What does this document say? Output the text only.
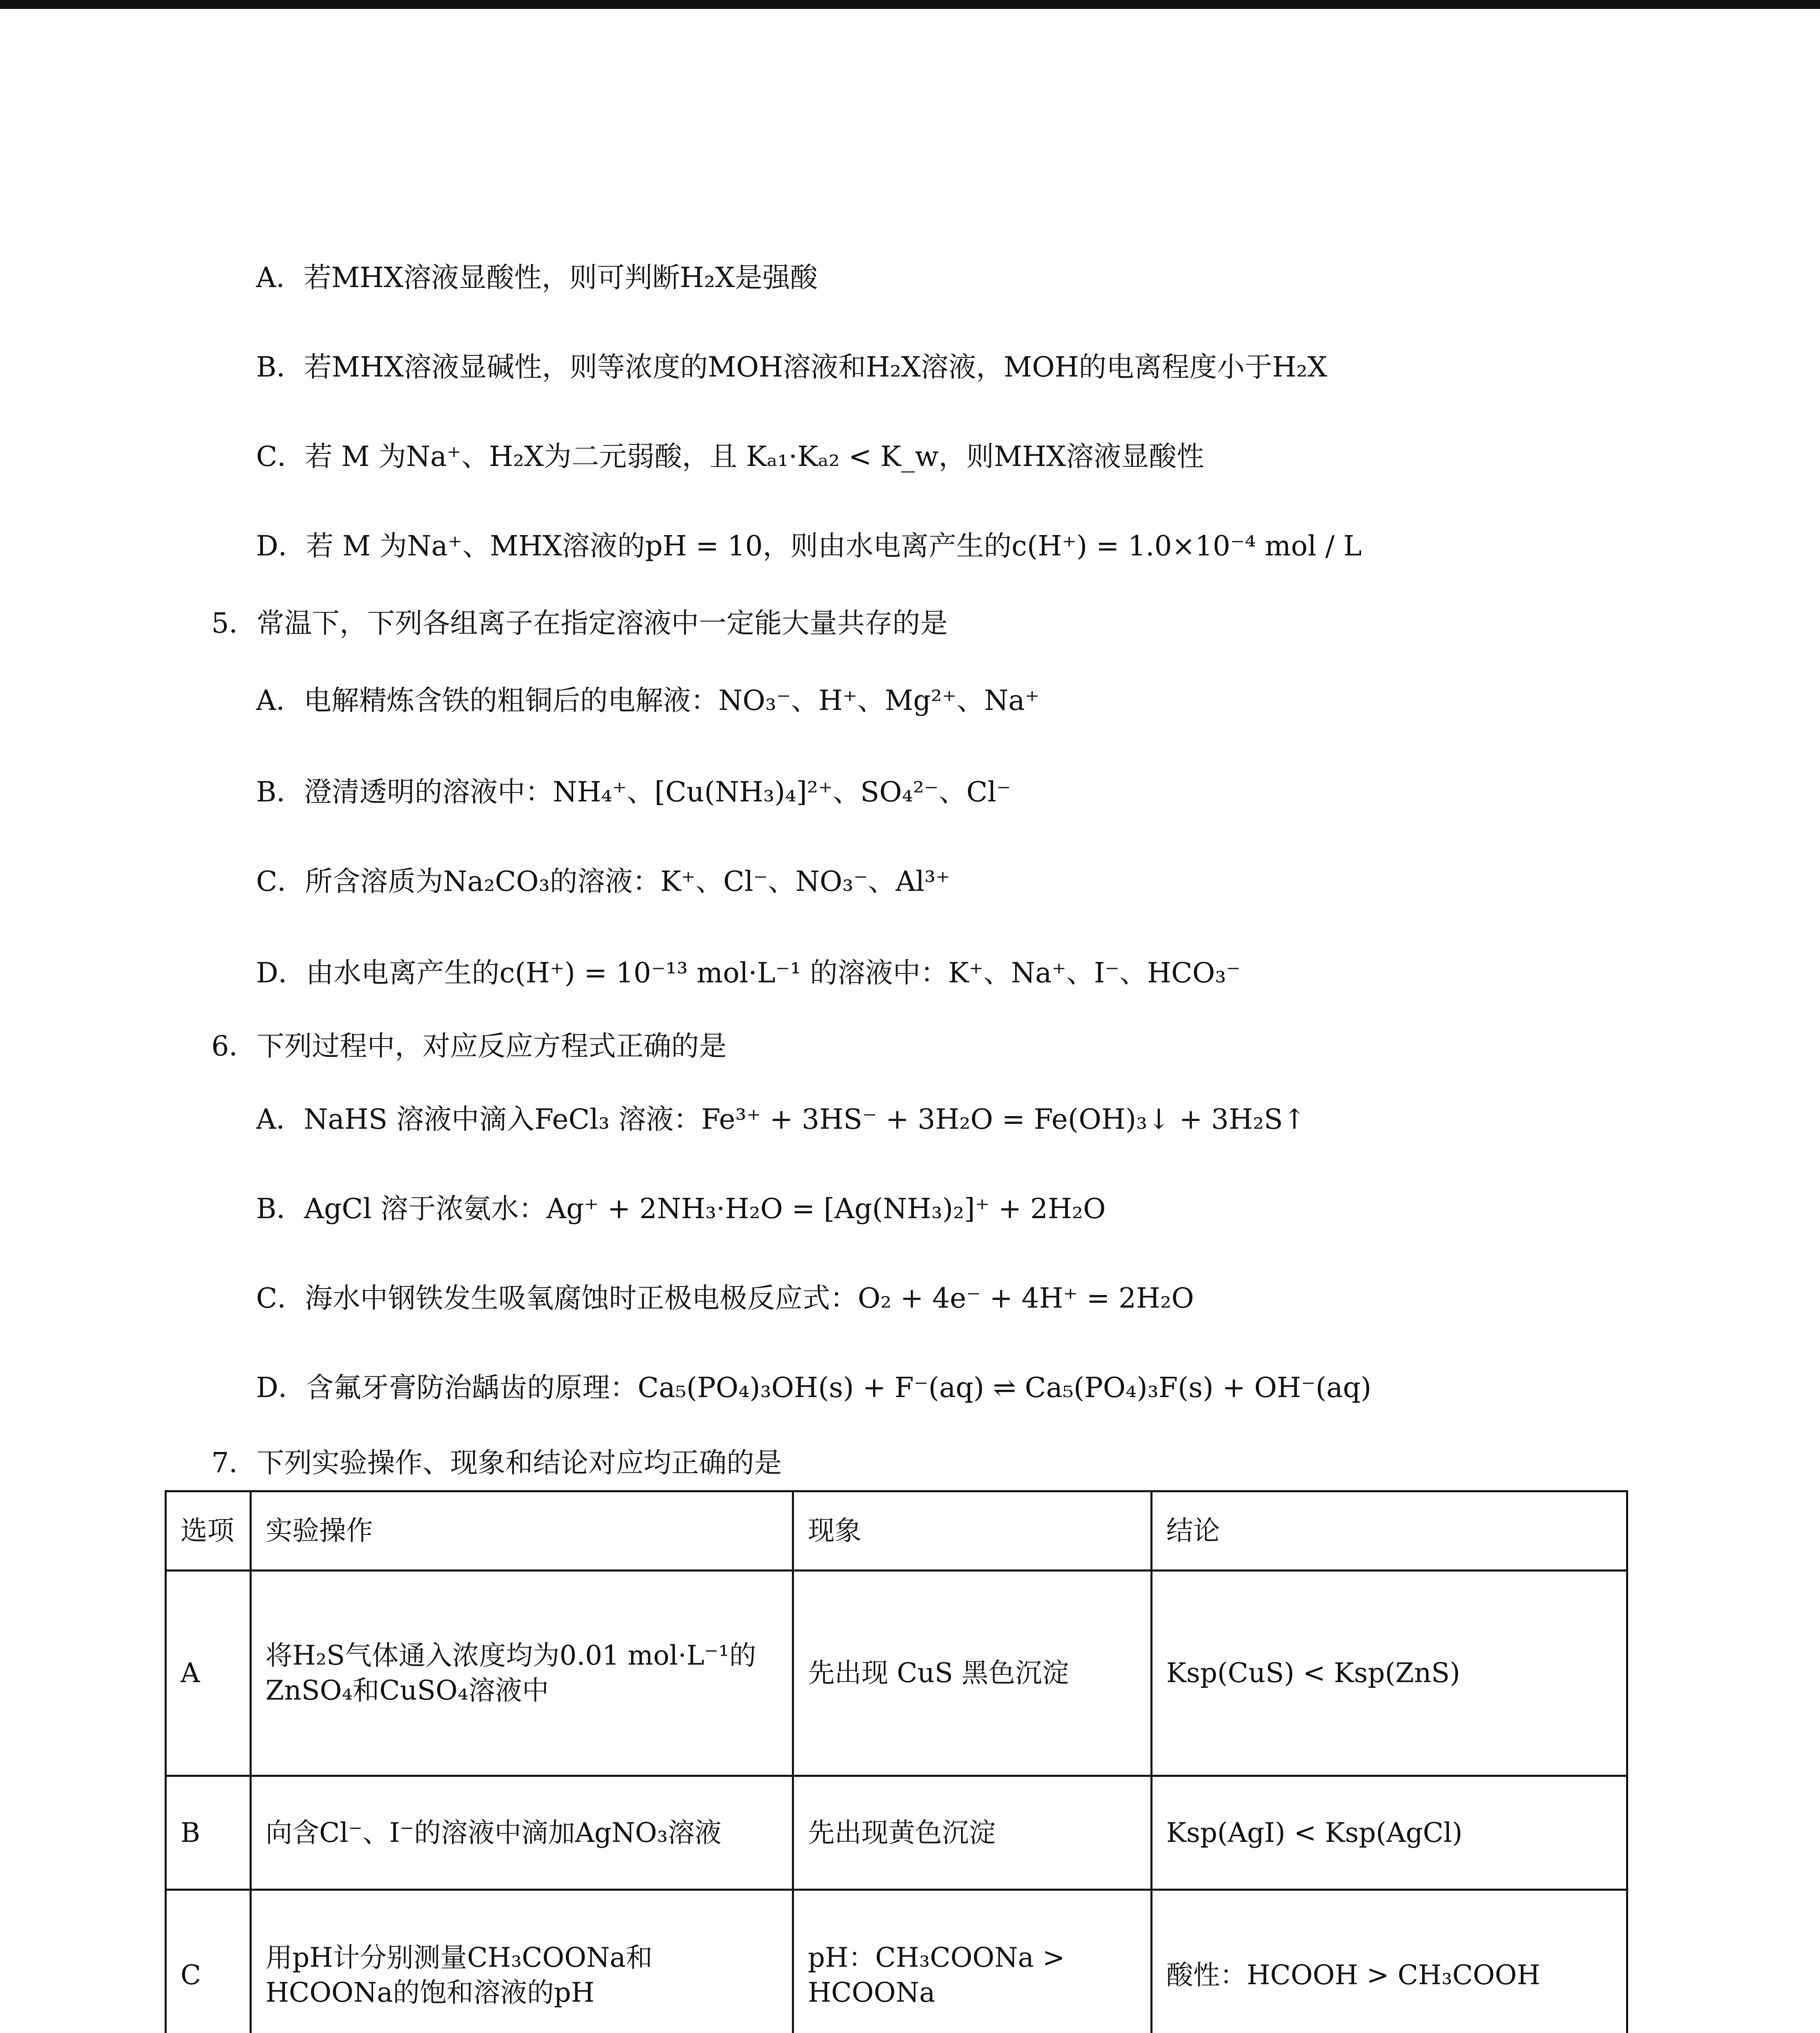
A．若MHX溶液显酸性，则可判断H₂X是强酸
B．若MHX溶液显碱性，则等浓度的MOH溶液和H₂X溶液，MOH的电离程度小于H₂X
C．若 M 为Na⁺、H₂X为二元弱酸，且 Kₐ₁·Kₐ₂ < K_w，则MHX溶液显酸性
D．若 M 为Na⁺、MHX溶液的pH = 10，则由水电离产生的c(H⁺) = 1.0×10⁻⁴ mol / L
5．常温下，下列各组离子在指定溶液中一定能大量共存的是
A．电解精炼含铁的粗铜后的电解液：NO₃⁻、H⁺、Mg²⁺、Na⁺
B．澄清透明的溶液中：NH₄⁺、[Cu(NH₃)₄]²⁺、SO₄²⁻、Cl⁻
C．所含溶质为Na₂CO₃的溶液：K⁺、Cl⁻、NO₃⁻、Al³⁺
D．由水电离产生的c(H⁺) = 10⁻¹³ mol·L⁻¹ 的溶液中：K⁺、Na⁺、I⁻、HCO₃⁻
6．下列过程中，对应反应方程式正确的是
A．NaHS 溶液中滴入FeCl₃ 溶液：Fe³⁺ + 3HS⁻ + 3H₂O = Fe(OH)₃↓ + 3H₂S↑
B．AgCl 溶于浓氨水：Ag⁺ + 2NH₃·H₂O = [Ag(NH₃)₂]⁺ + 2H₂O
C．海水中钢铁发生吸氧腐蚀时正极电极反应式：O₂ + 4e⁻ + 4H⁺ = 2H₂O
D．含氟牙膏防治龋齿的原理：Ca₅(PO₄)₃OH(s) + F⁻(aq) ⇌ Ca₅(PO₄)₃F(s) + OH⁻(aq)
7．下列实验操作、现象和结论对应均正确的是
选项	实验操作	现象	结论
A	将H₂S气体通入浓度均为0.01 mol·L⁻¹的ZnSO₄和CuSO₄溶液中	先出现 CuS 黑色沉淀	Ksp(CuS) < Ksp(ZnS)
B	向含Cl⁻、I⁻的溶液中滴加AgNO₃溶液	先出现黄色沉淀	Ksp(AgI) < Ksp(AgCl)
C	用pH计分别测量CH₃COONa和HCOONa的饱和溶液的pH	pH：CH₃COONa > HCOONa	酸性：HCOOH > CH₃COOH
